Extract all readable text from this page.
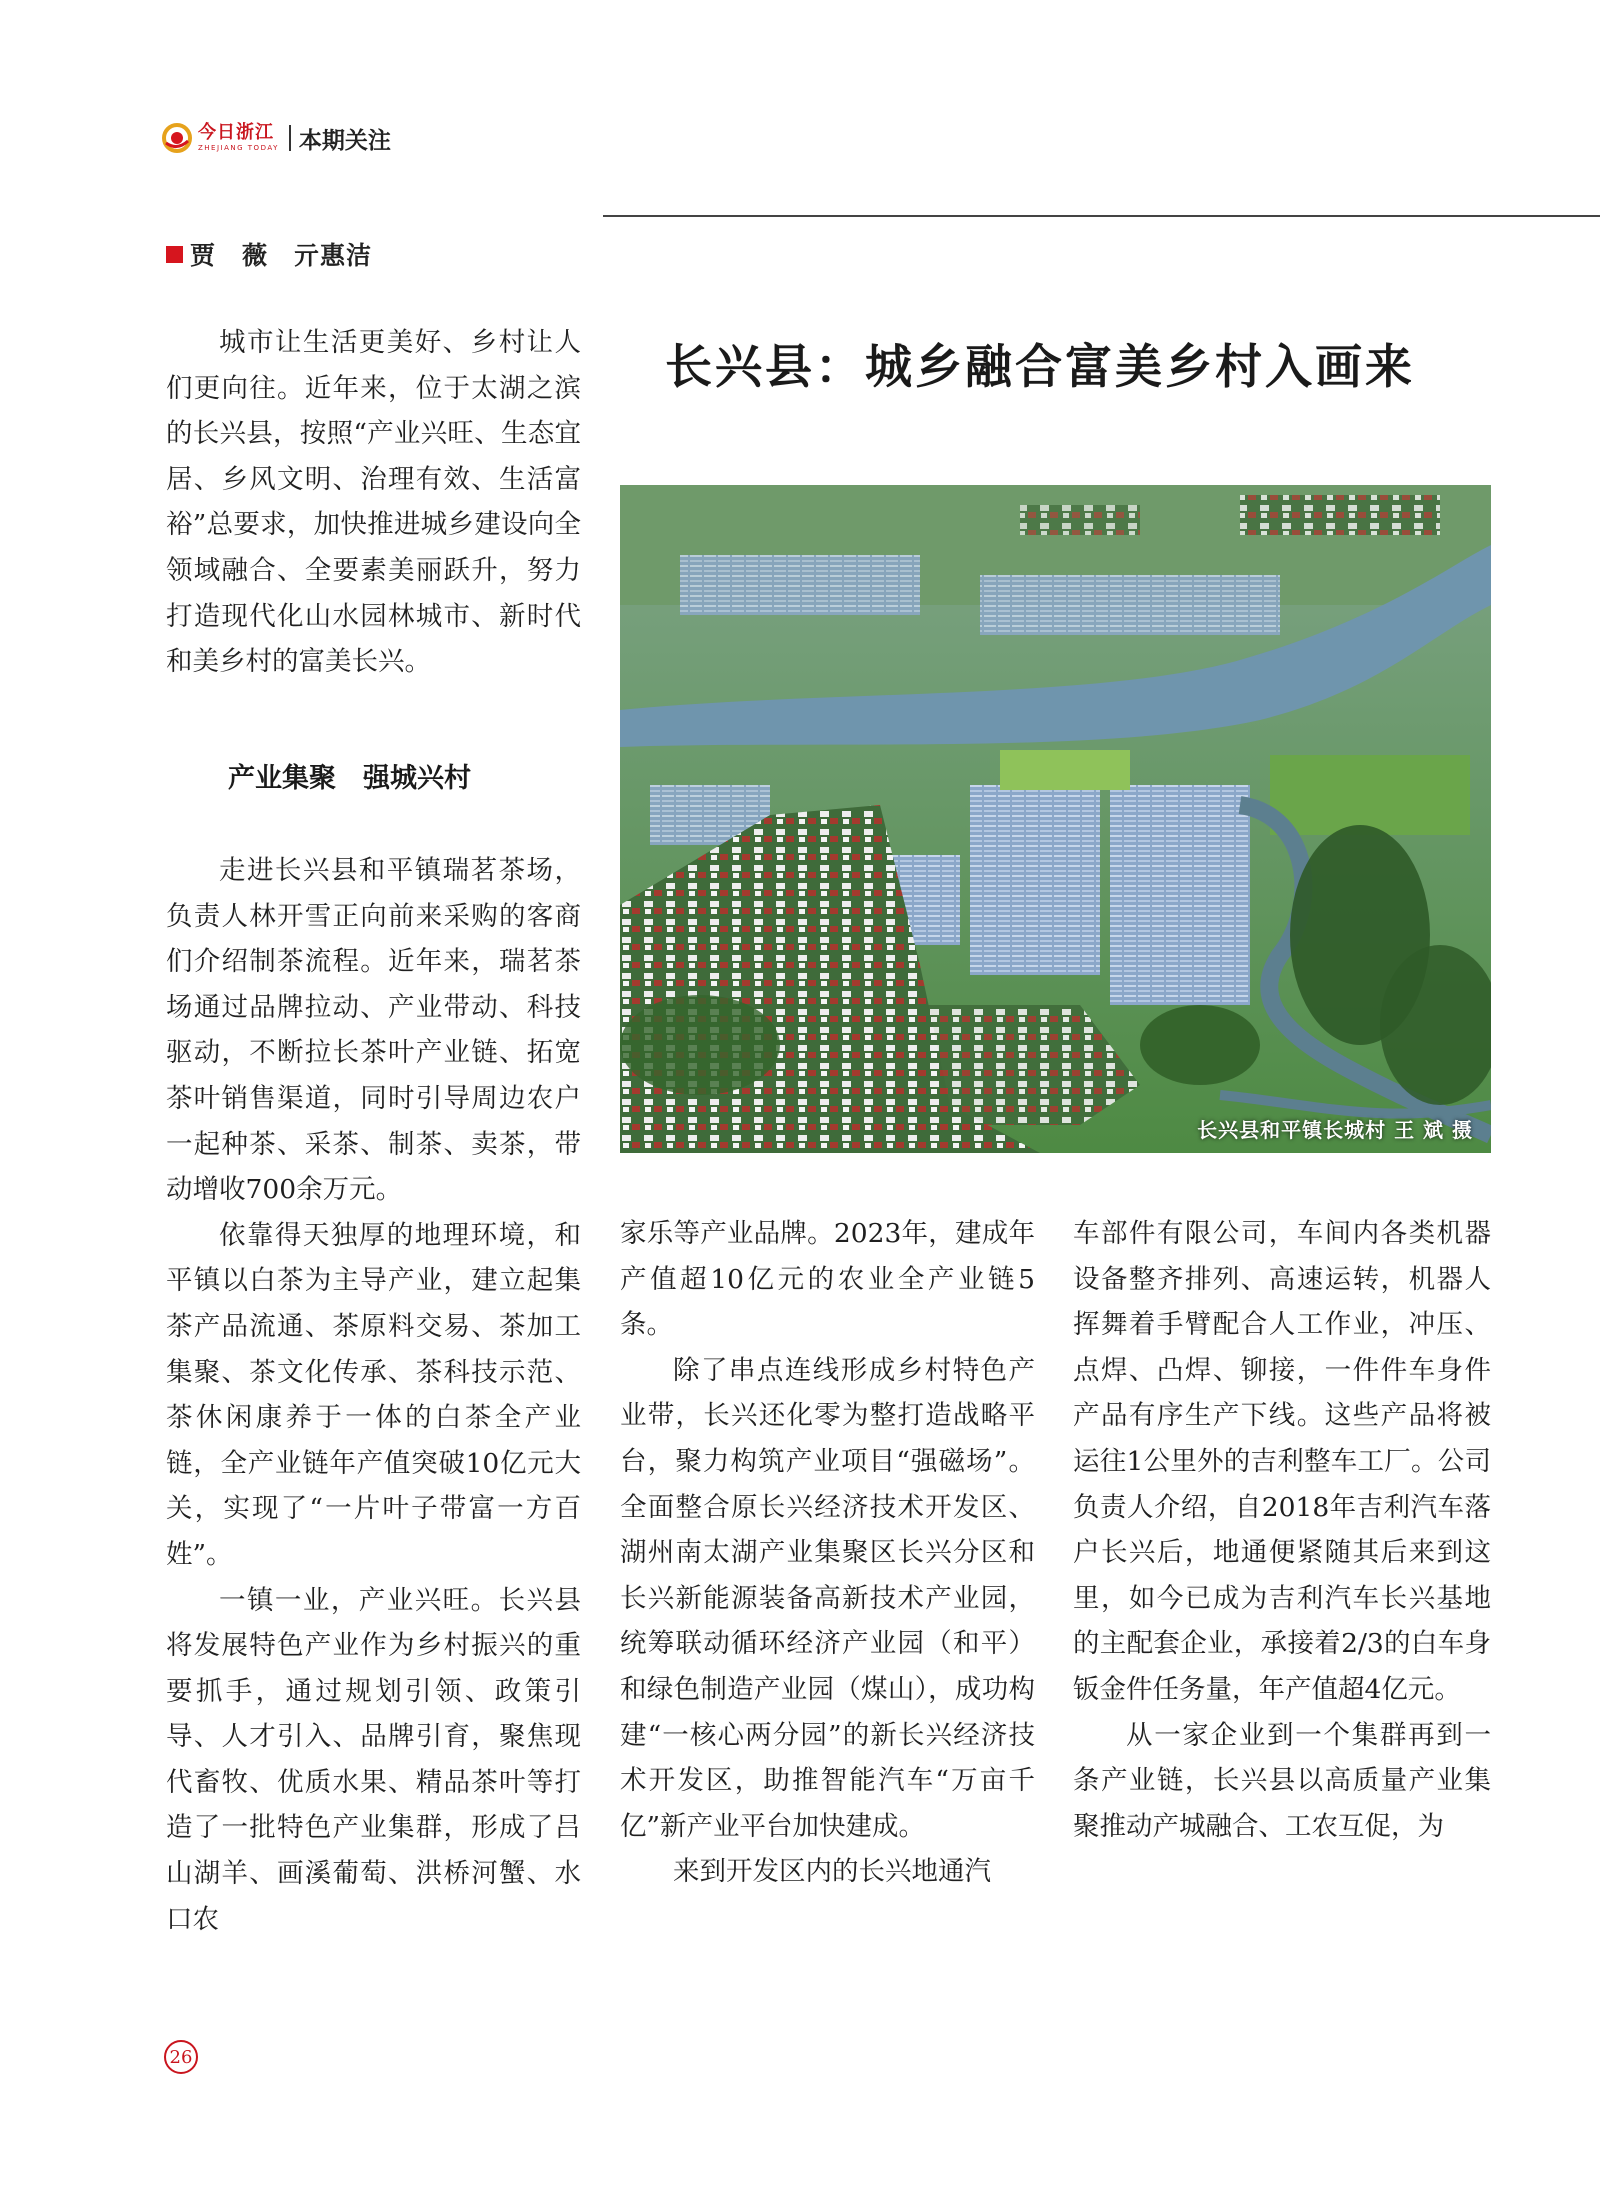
今日浙江
ZHEJIANG TODAY 本期关注
贾　薇　亓惠洁
长兴县：城乡融合富美乡村入画来
长兴县和平镇长城村 王 斌 摄

城市让生活更美好、乡村让人们更向往。近年来，位于太湖之滨的长兴县，按照“产业兴旺、生态宜居、乡风文明、治理有效、生活富裕”总要求，加快推进城乡建设向全领域融合、全要素美丽跃升，努力打造现代化山水园林城市、新时代和美乡村的富美长兴。

产业集聚　强城兴村

走进长兴县和平镇瑞茗茶场，负责人林开雪正向前来采购的客商们介绍制茶流程。近年来，瑞茗茶场通过品牌拉动、产业带动、科技驱动，不断拉长茶叶产业链、拓宽茶叶销售渠道，同时引导周边农户一起种茶、采茶、制茶、卖茶，带动增收700余万元。

依靠得天独厚的地理环境，和平镇以白茶为主导产业，建立起集茶产品流通、茶原料交易、茶加工集聚、茶文化传承、茶科技示范、茶休闲康养于一体的白茶全产业链，全产业链年产值突破10亿元大关，实现了“一片叶子带富一方百姓”。

一镇一业，产业兴旺。长兴县将发展特色产业作为乡村振兴的重要抓手，通过规划引领、政策引导、人才引入、品牌引育，聚焦现代畜牧、优质水果、精品茶叶等打造了一批特色产业集群，形成了吕山湖羊、画溪葡萄、洪桥河蟹、水口农

家乐等产业品牌。2023年，建成年产值超10亿元的农业全产业链5条。

除了串点连线形成乡村特色产业带，长兴还化零为整打造战略平台，聚力构筑产业项目“强磁场”。全面整合原长兴经济技术开发区、湖州南太湖产业集聚区长兴分区和长兴新能源装备高新技术产业园，统筹联动循环经济产业园（和平）和绿色制造产业园（煤山），成功构建“一核心两分园”的新长兴经济技术开发区，助推智能汽车“万亩千亿”新产业平台加快建成。

来到开发区内的长兴地通汽

车部件有限公司，车间内各类机器设备整齐排列、高速运转，机器人挥舞着手臂配合人工作业，冲压、点焊、凸焊、铆接，一件件车身件产品有序生产下线。这些产品将被运往1公里外的吉利整车工厂。公司负责人介绍，自2018年吉利汽车落户长兴后，地通便紧随其后来到这里，如今已成为吉利汽车长兴基地的主配套企业，承接着2/3的白车身钣金件任务量，年产值超4亿元。

从一家企业到一个集群再到一条产业链，长兴县以高质量产业集聚推动产城融合、工农互促，为

26
